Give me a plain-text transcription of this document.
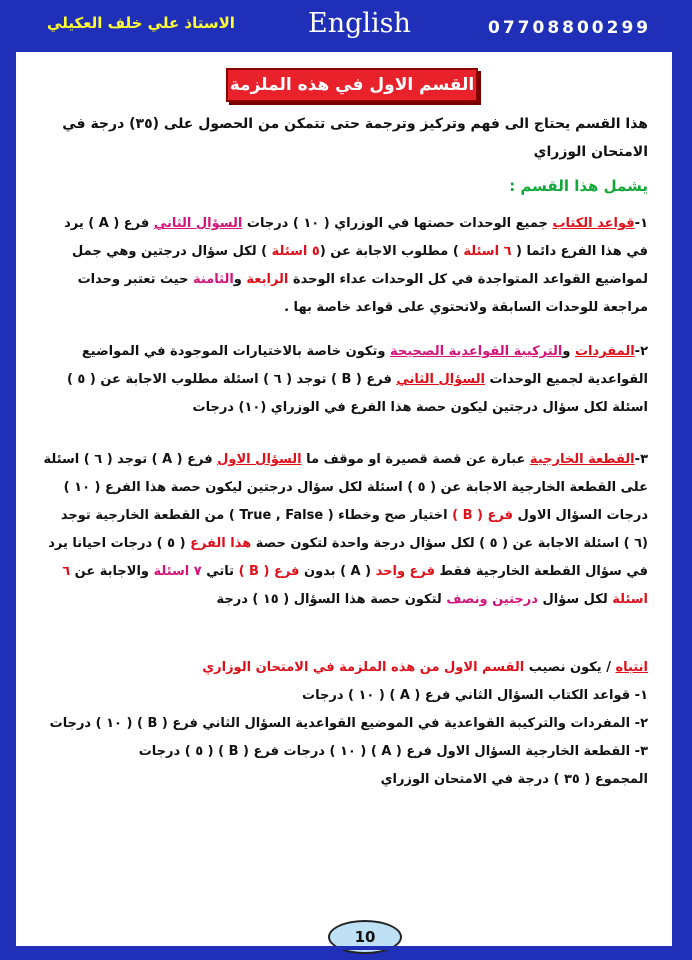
07708800299
English
الاستاذ علي خلف العكيلي
القسم الاول في هذه الملزمة
هذا القسم يحتاج الى فهم وتركيز وترجمة حتى تتمكن من الحصول على (٣٥) درجة في الامتحان الوزراي
يشمل هذا القسم :
١-قواعد الكتاب جميع الوحدات حصتها في الوزراي ( ١٠ ) درجات السؤال الثاني فرع ( A ) يرد في هذا الفرع دائما ( ٦ اسئلة ) مطلوب الاجابة عن (٥ اسئلة ) لكل سؤال درجتين وهي جمل لمواضيع القواعد المتواجدة في كل الوحدات عداء الوحدة الرابعة والثامنة حيث تعتبر وحدات مراجعة للوحدات السابقة ولاتحتوي على قواعد خاصة بها .
٢-المفردات والتركيبة القواعدية الصحيحة وتكون خاصة بالاختيارات الموجودة في المواضيع القواعدية لجميع الوحدات السؤال الثاني فرع ( B ) توجد ( ٦ ) اسئلة مطلوب الاجابة عن ( ٥ ) اسئلة لكل سؤال درجتين ليكون حصة هذا الفرع في الوزراي (١٠) درجات
٣-القطعة الخارجية عبارة عن قصة قصيرة او موقف ما السؤال الاول فرع ( A ) توجد ( ٦ ) اسئلة على القطعة الخارجية الاجابة عن ( ٥ ) اسئلة لكل سؤال درجتين ليكون حصة هذا الفرع ( ١٠ ) درجات السؤال الاول فرع ( B ) اختيار صح وخطاء ( True , False ) من القطعة الخارجية توجد (٦ ) اسئلة الاجابة عن ( ٥ ) لكل سؤال درجة واحدة لتكون حصة هذا الفرع ( ٥ ) درجات احيانا يرد في سؤال القطعة الخارجية فقط فرع واحد ( A ) بدون فرع ( B ) تاتي ٧ اسئلة والاجابة عن ٦ اسئلة لكل سؤال درجتين ونصف لتكون حصة هذا السؤال ( ١٥ ) درجة
انتباه / يكون نصيب القسم الاول من هذه الملزمة في الامتحان الوزاري
١- قواعد الكتاب السؤال الثاني فرع ( A ) ( ١٠ ) درجات
٢- المفردات والتركيبة القواعدية في الموضيع القواعدية السؤال الثاني فرع ( B ) ( ١٠ ) درجات
٣- القطعة الخارجية السؤال الاول فرع ( A ) ( ١٠ ) درجات فرع ( B ) ( ٥ ) درجات
المجموع ( ٣٥ ) درجة في الامتحان الوزراي
10
